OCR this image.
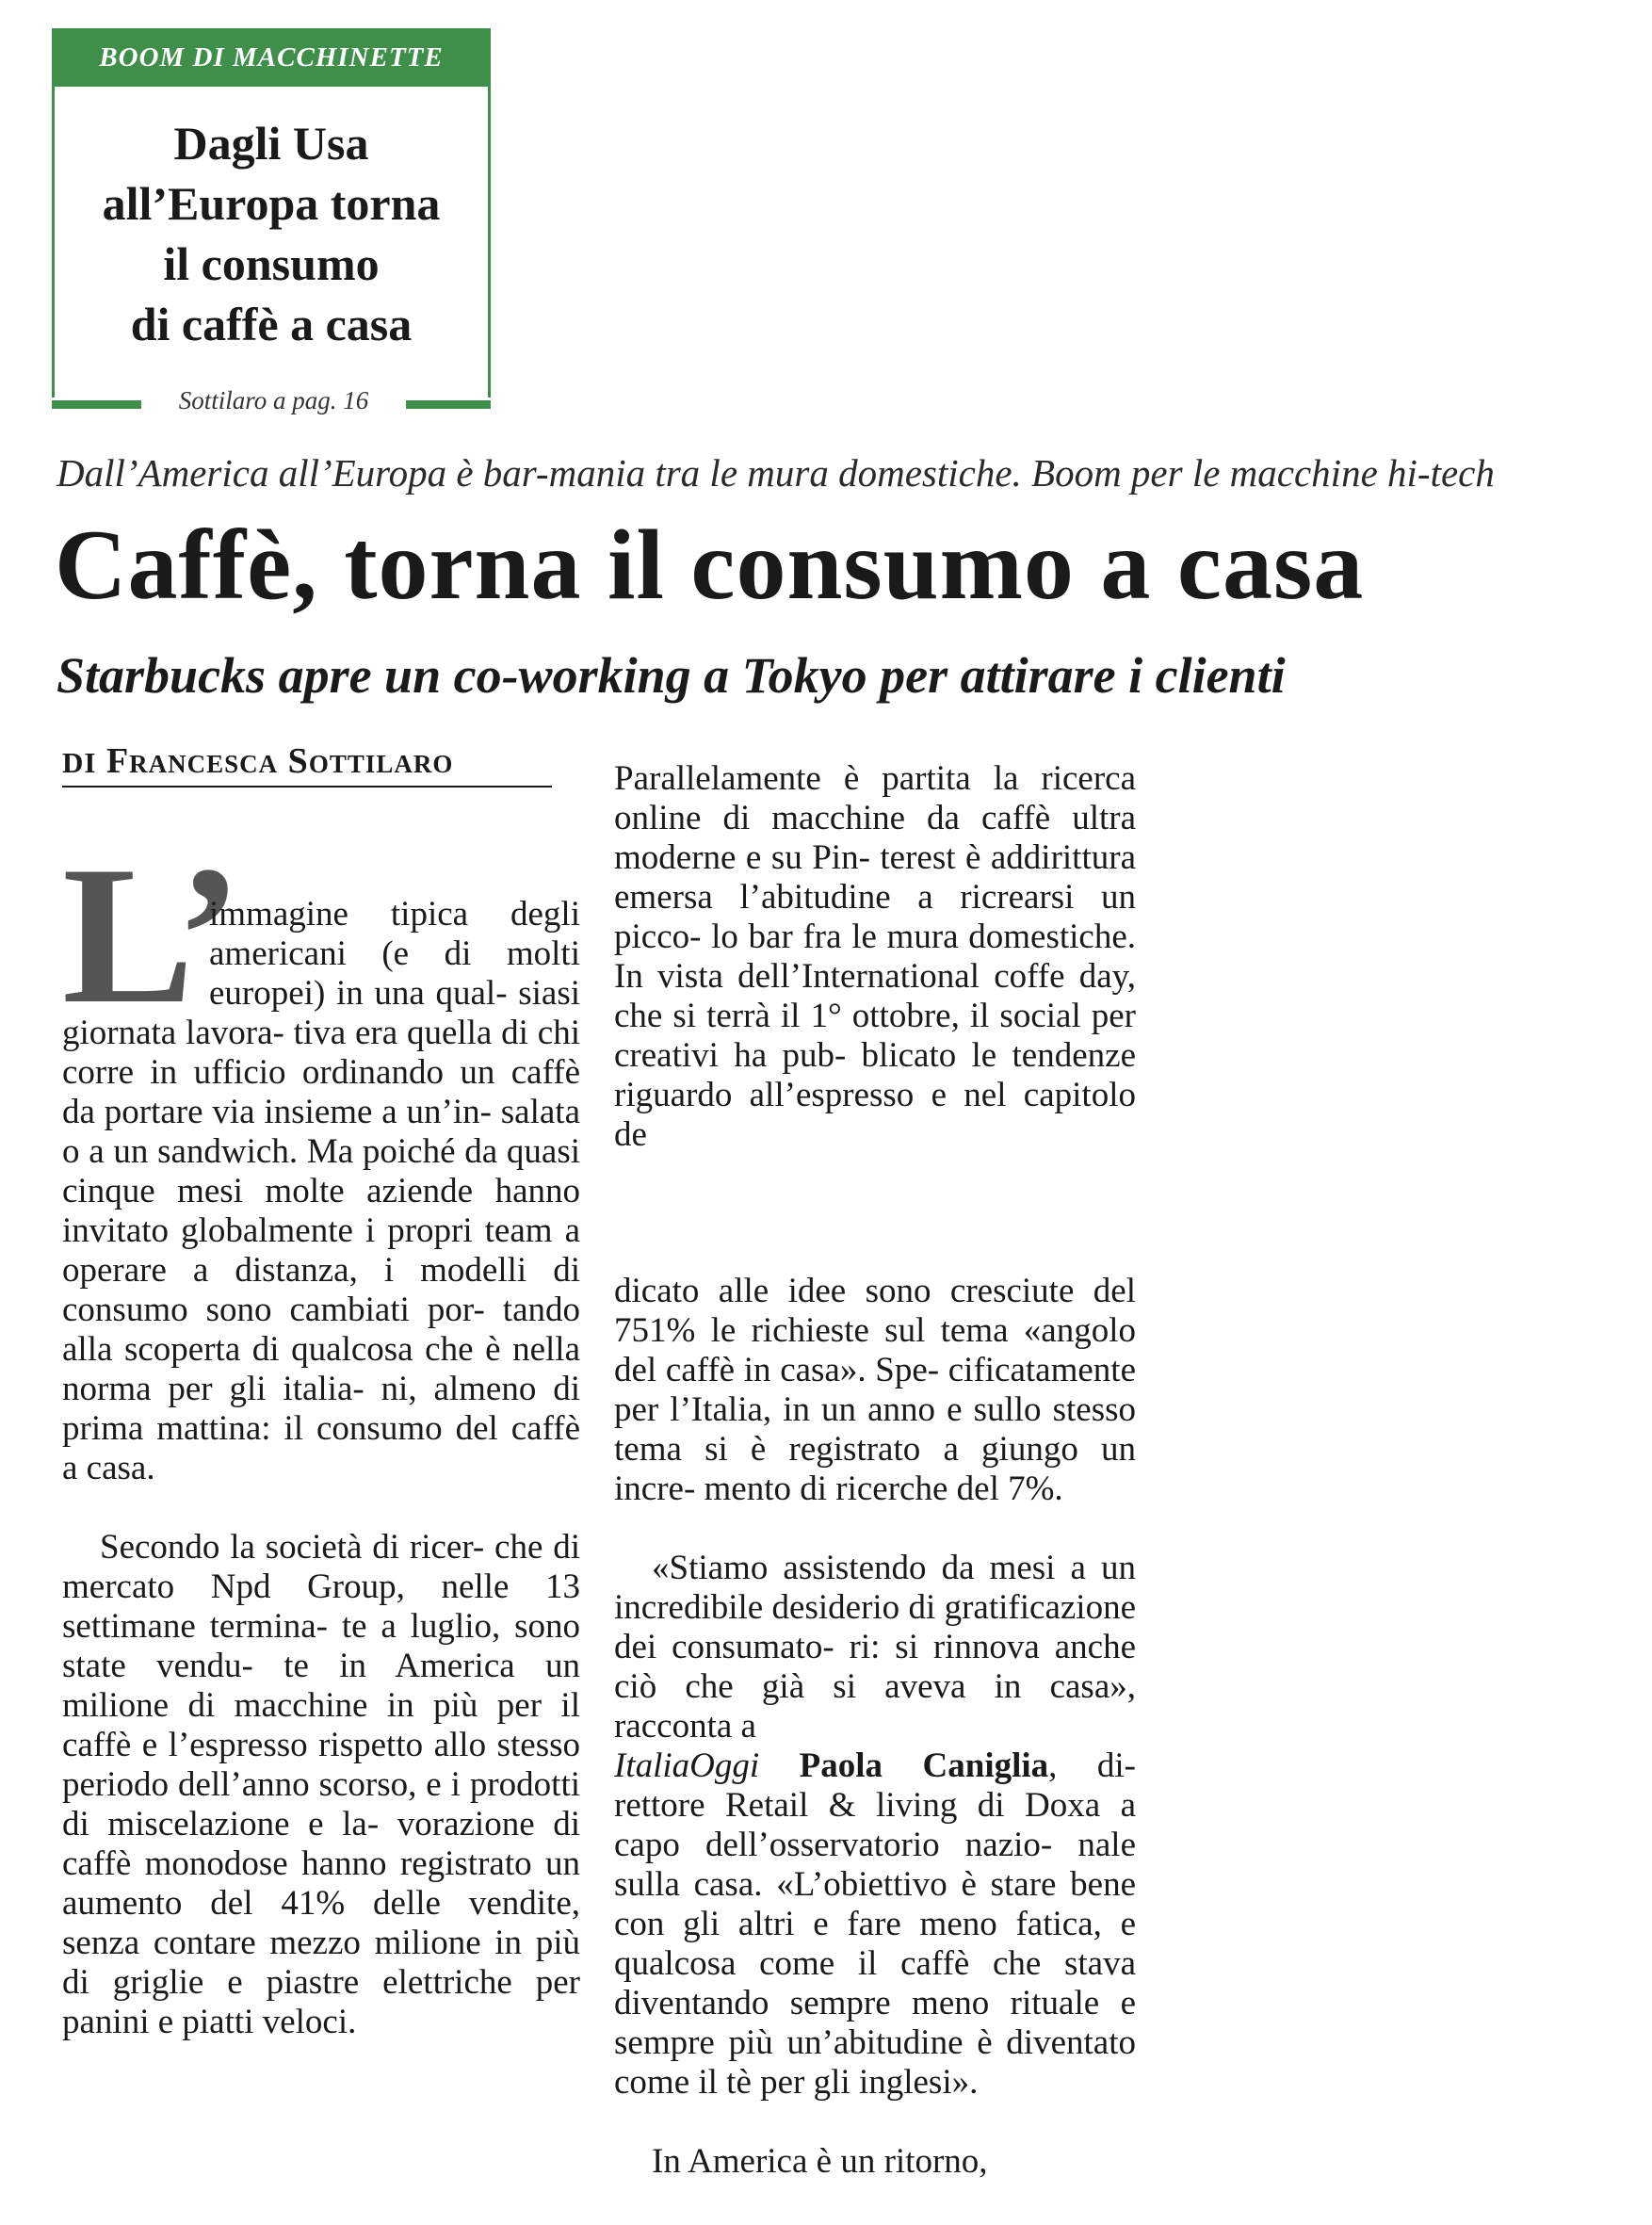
BOOM DI MACCHINETTE
Dagli Usa
all’Europa torna
il consumo
di caffè a casa
Sottilaro a pag. 16
Dall’America all’Europa è bar-mania tra le mura domestiche. Boom per le macchine hi-tech
Caffè, torna il consumo a casa
Starbucks apre un co-working a Tokyo per attirare i clienti
DI Francesca Sottilaro

L’

immagine tipica degli americani (e di molti europei) in una qual- siasi giornata lavora- tiva era quella di chi corre in ufficio ordinando un caffè da portare via insieme a un’in- salata o a un sandwich. Ma poiché da quasi cinque mesi molte aziende hanno invitato globalmente i propri team a operare a distanza, i modelli di consumo sono cambiati por- tando alla scoperta di qualcosa che è nella norma per gli italia- ni, almeno di prima mattina: il consumo del caffè a casa.

Secondo la società di ricer- che di mercato Npd Group, nelle 13 settimane termina- te a luglio, sono state vendu- te in America un milione di macchine in più per il caffè e l’espresso rispetto allo stesso periodo dell’anno scorso, e i prodotti di miscelazione e la- vorazione di caffè monodose hanno registrato un aumento del 41% delle vendite, senza contare mezzo milione in più di griglie e piastre elettriche per panini e piatti veloci.

Parallelamente è partita la ricerca online di macchine da caffè ultra moderne e su Pin- terest è addirittura emersa l’abitudine a ricrearsi un picco- lo bar fra le mura domestiche. In vista dell’International coffe day, che si terrà il 1° ottobre, il social per creativi ha pub- blicato le tendenze riguardo all’espresso e nel capitolo de

dicato alle idee sono cresciute del 751% le richieste sul tema «angolo del caffè in casa». Spe- cificatamente per l’Italia, in un anno e sullo stesso tema si è registrato a giungo un incre- mento di ricerche del 7%.

«Stiamo assistendo da mesi a un incredibile desiderio di gratificazione dei consumato- ri: si rinnova anche ciò che già si aveva in casa», racconta a
ItaliaOggi Paola Caniglia, di- rettore Retail & living di Doxa a capo dell’osservatorio nazio- nale sulla casa. «L’obiettivo è stare bene con gli altri e fare meno fatica, e qualcosa come il caffè che stava diventando sempre meno rituale e sempre più un’abitudine è diventato come il tè per gli inglesi».

In America è un ritorno,
